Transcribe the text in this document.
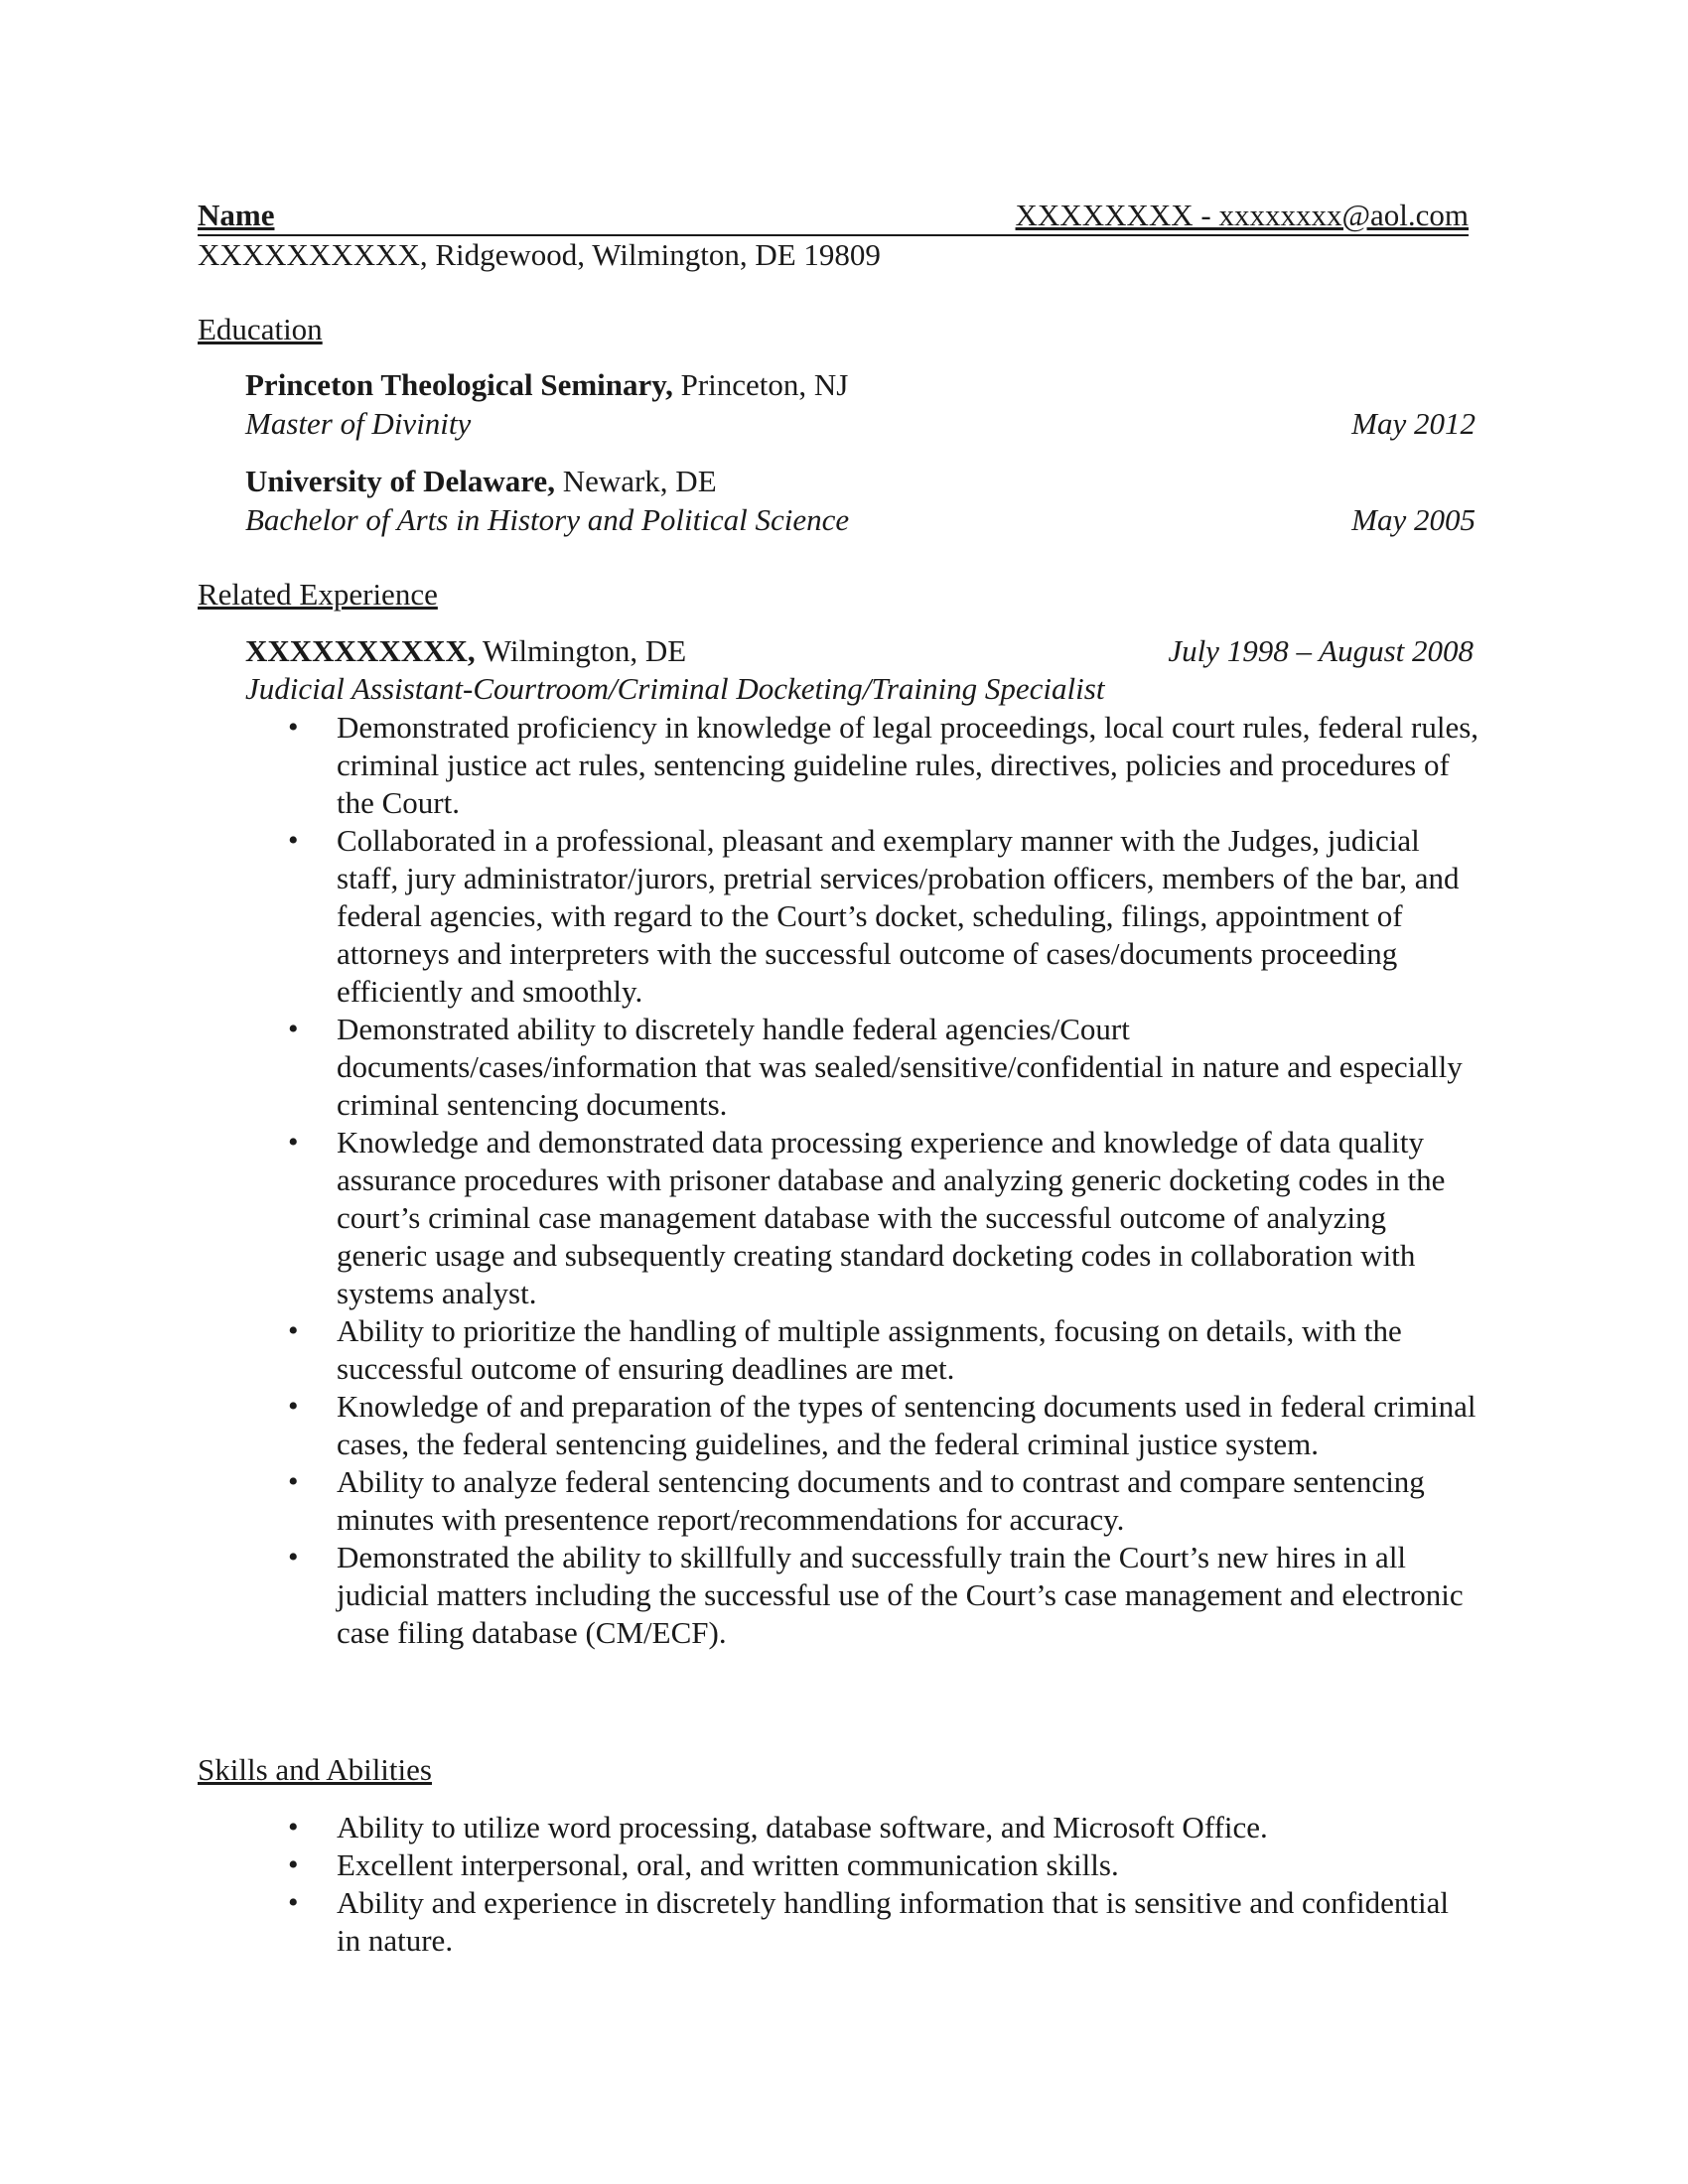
Name	XXXXXXXX - xxxxxxxx@aol.com
XXXXXXXXXX, Ridgewood, Wilmington, DE 19809
Education
Princeton Theological Seminary, Princeton, NJ
Master of Divinity	May 2012
University of Delaware, Newark, DE
Bachelor of Arts in History and Political Science	May 2005
Related Experience
XXXXXXXXXX, Wilmington, DE	July 1998 – August 2008
Judicial Assistant-Courtroom/Criminal Docketing/Training Specialist
• Demonstrated proficiency in knowledge of legal proceedings, local court rules, federal rules, criminal justice act rules, sentencing guideline rules, directives, policies and procedures of the Court.
• Collaborated in a professional, pleasant and exemplary manner with the Judges, judicial staff, jury administrator/jurors, pretrial services/probation officers, members of the bar, and federal agencies, with regard to the Court’s docket, scheduling, filings, appointment of attorneys and interpreters with the successful outcome of cases/documents proceeding efficiently and smoothly.
• Demonstrated ability to discretely handle federal agencies/Court documents/cases/information that was sealed/sensitive/confidential in nature and especially criminal sentencing documents.
• Knowledge and demonstrated data processing experience and knowledge of data quality assurance procedures with prisoner database and analyzing generic docketing codes in the court’s criminal case management database with the successful outcome of analyzing generic usage and subsequently creating standard docketing codes in collaboration with systems analyst.
• Ability to prioritize the handling of multiple assignments, focusing on details, with the successful outcome of ensuring deadlines are met.
• Knowledge of and preparation of the types of sentencing documents used in federal criminal cases, the federal sentencing guidelines, and the federal criminal justice system.
• Ability to analyze federal sentencing documents and to contrast and compare sentencing minutes with presentence report/recommendations for accuracy.
• Demonstrated the ability to skillfully and successfully train the Court’s new hires in all judicial matters including the successful use of the Court’s case management and electronic case filing database (CM/ECF).
Skills and Abilities
• Ability to utilize word processing, database software, and Microsoft Office.
• Excellent interpersonal, oral, and written communication skills.
• Ability and experience in discretely handling information that is sensitive and confidential in nature.
